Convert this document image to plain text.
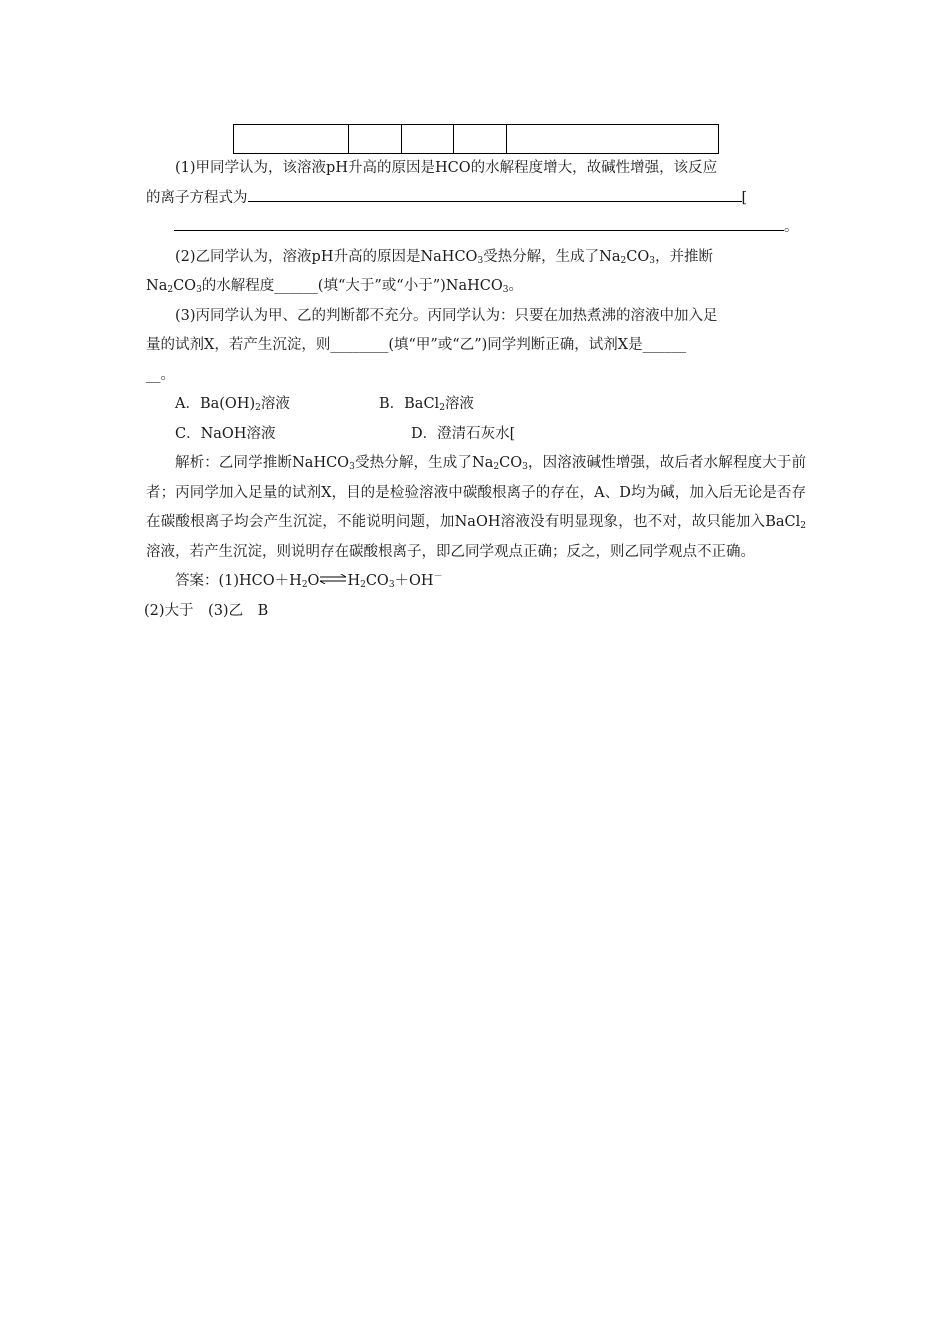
(1)甲同学认为，该溶液pH升高的原因是HCO的水解程度增大，故碱性增强，该反应
的离子方程式为	[
。
(2)乙同学认为，溶液pH升高的原因是NaHCO$_3$受热分解，生成了$Na_2CO_3$，并推断
$Na_2CO_3$的水解程度______(填“大于”或“小于”)NaHCO$_3$。
(3)丙同学认为甲、乙的判断都不充分。丙同学认为：只要在加热煮沸的溶液中加入足
量的试剂X，若产生沉淀，则________(填“甲”或“乙”)同学判断正确，试剂X是______
__。
A．$Ba(OH)_2$溶液	B．BaCl$_2$溶液
C．NaOH溶液	D．澄清石灰水[
解析：乙同学推断NaHCO$_3$受热分解，生成了$Na_2CO_3$，因溶液碱性增强，故后者水解程度大于前者；丙同学加入足量的试剂X，目的是检验溶液中碳酸根离子的存在，A、D均为碱，加入后无论是否存在碳酸根离子均会产生沉淀，不能说明问题，加NaOH溶液没有明显现象，也不对，故只能加入BaCl$_2$溶液，若产生沉淀，则说明存在碳酸根离子，即乙同学观点正确；反之，则乙同学观点不正确。
答案：$(1)HCO+H_2O\rightleftharpoons H_2CO_3+OH^-$
(2)大于　(3)乙　B
